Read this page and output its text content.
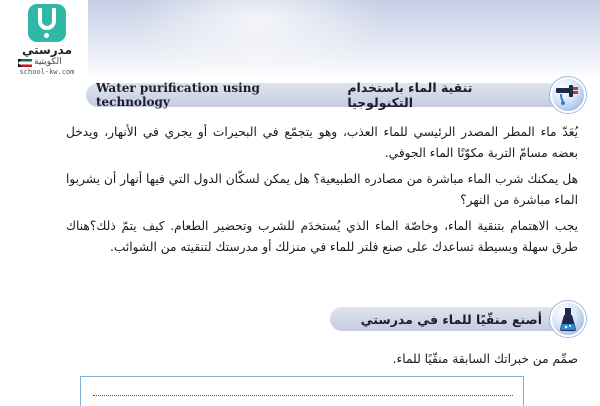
مدرستي
الكويتية
school-kw.com
تنقية الماء باستخدام التكنولوجيا
Water purification using technology

يُعَدّ ماء المطر المصدر الرئيسي للماء العذب، وهو يتجمّع في البحيرات أو يجري في الأنهار، ويدخل بعضه مسامّ التربة مكوّنًا الماء الجوفي.

هل يمكنك شرب الماء مباشرة من مصادره الطبيعية؟ هل يمكن لسكّان الدول التي فيها أنهار أن يشربوا الماء مباشرة من النهر؟

يجب الاهتمام بتنقية الماء، وخاصّة الماء الذي يُستخدَم للشرب وتحضير الطعام. كيف يتمّ ذلك؟هناك طرق سهلة وبسيطة تساعدك على صنع فلتر للماء في منزلك أو مدرستك لتنقيته من الشوائب.

أصنع منقّيًا للماء في مدرستي

صمِّم من خبراتك السابقة منقّيًا للماء.
